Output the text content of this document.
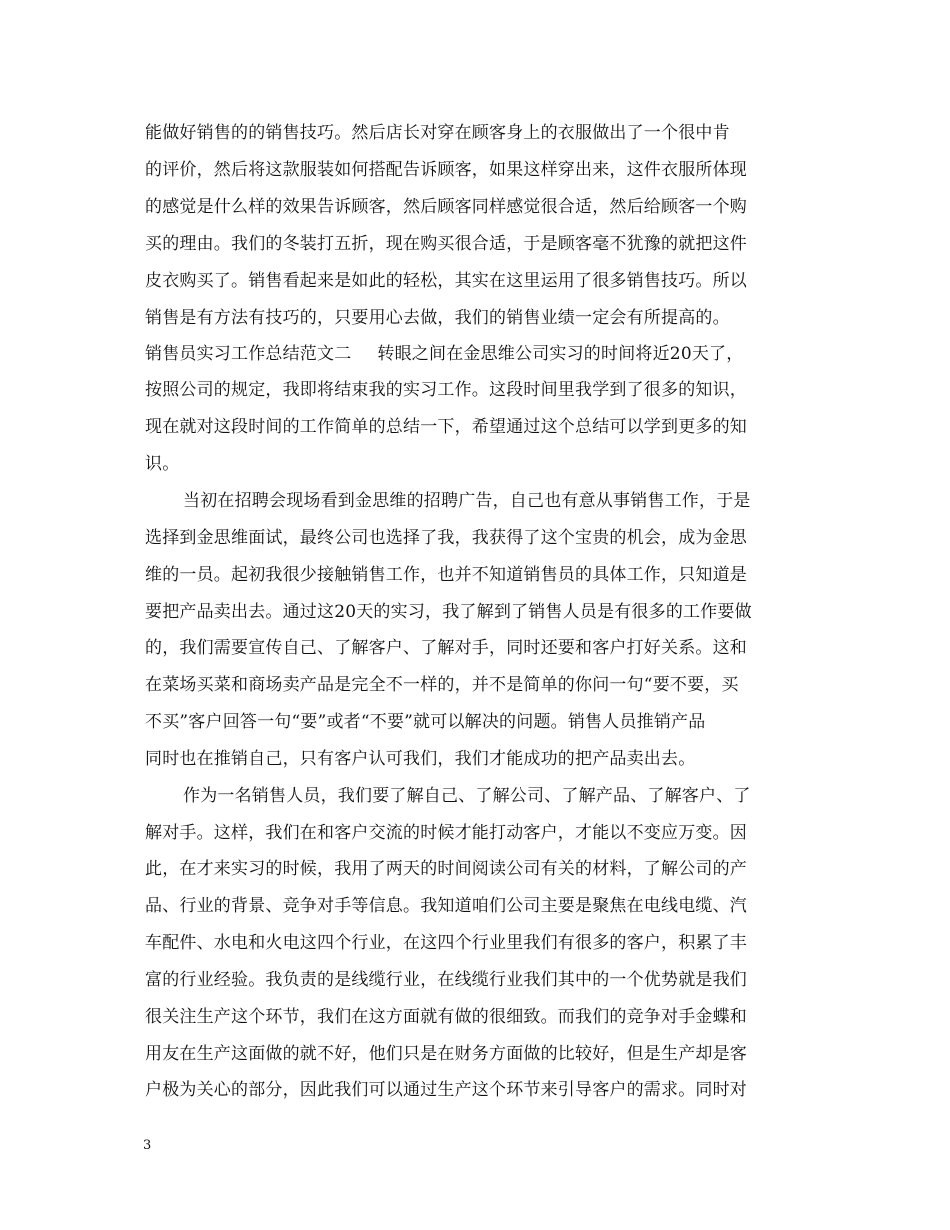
能做好销售的的销售技巧。然后店长对穿在顾客身上的衣服做出了一个很中肯
的评价，然后将这款服装如何搭配告诉顾客，如果这样穿出来，这件衣服所体现
的感觉是什么样的效果告诉顾客，然后顾客同样感觉很合适，然后给顾客一个购
买的理由。我们的冬装打五折，现在购买很合适，于是顾客毫不犹豫的就把这件
皮衣购买了。销售看起来是如此的轻松，其实在这里运用了很多销售技巧。所以
销售是有方法有技巧的，只要用心去做，我们的销售业绩一定会有所提高的。
销售员实习工作总结范文二 转眼之间在金思维公司实习的时间将近20天了，
按照公司的规定，我即将结束我的实习工作。这段时间里我学到了很多的知识，
现在就对这段时间的工作简单的总结一下，希望通过这个总结可以学到更多的知
识。
当初在招聘会现场看到金思维的招聘广告，自己也有意从事销售工作，于是
选择到金思维面试，最终公司也选择了我，我获得了这个宝贵的机会，成为金思
维的一员。起初我很少接触销售工作，也并不知道销售员的具体工作，只知道是
要把产品卖出去。通过这20天的实习，我了解到了销售人员是有很多的工作要做
的，我们需要宣传自己、了解客户、了解对手，同时还要和客户打好关系。这和
在菜场买菜和商场卖产品是完全不一样的，并不是简单的你问一句“要不要，买
不买”客户回答一句“要”或者“不要”就可以解决的问题。销售人员推销产品
同时也在推销自己，只有客户认可我们，我们才能成功的把产品卖出去。
作为一名销售人员，我们要了解自己、了解公司、了解产品、了解客户、了
解对手。这样，我们在和客户交流的时候才能打动客户，才能以不变应万变。因
此，在才来实习的时候，我用了两天的时间阅读公司有关的材料，了解公司的产
品、行业的背景、竞争对手等信息。我知道咱们公司主要是聚焦在电线电缆、汽
车配件、水电和火电这四个行业，在这四个行业里我们有很多的客户，积累了丰
富的行业经验。我负责的是线缆行业，在线缆行业我们其中的一个优势就是我们
很关注生产这个环节，我们在这方面就有做的很细致。而我们的竞争对手金蝶和
用友在生产这面做的就不好，他们只是在财务方面做的比较好，但是生产却是客
户极为关心的部分，因此我们可以通过生产这个环节来引导客户的需求。同时对
3
